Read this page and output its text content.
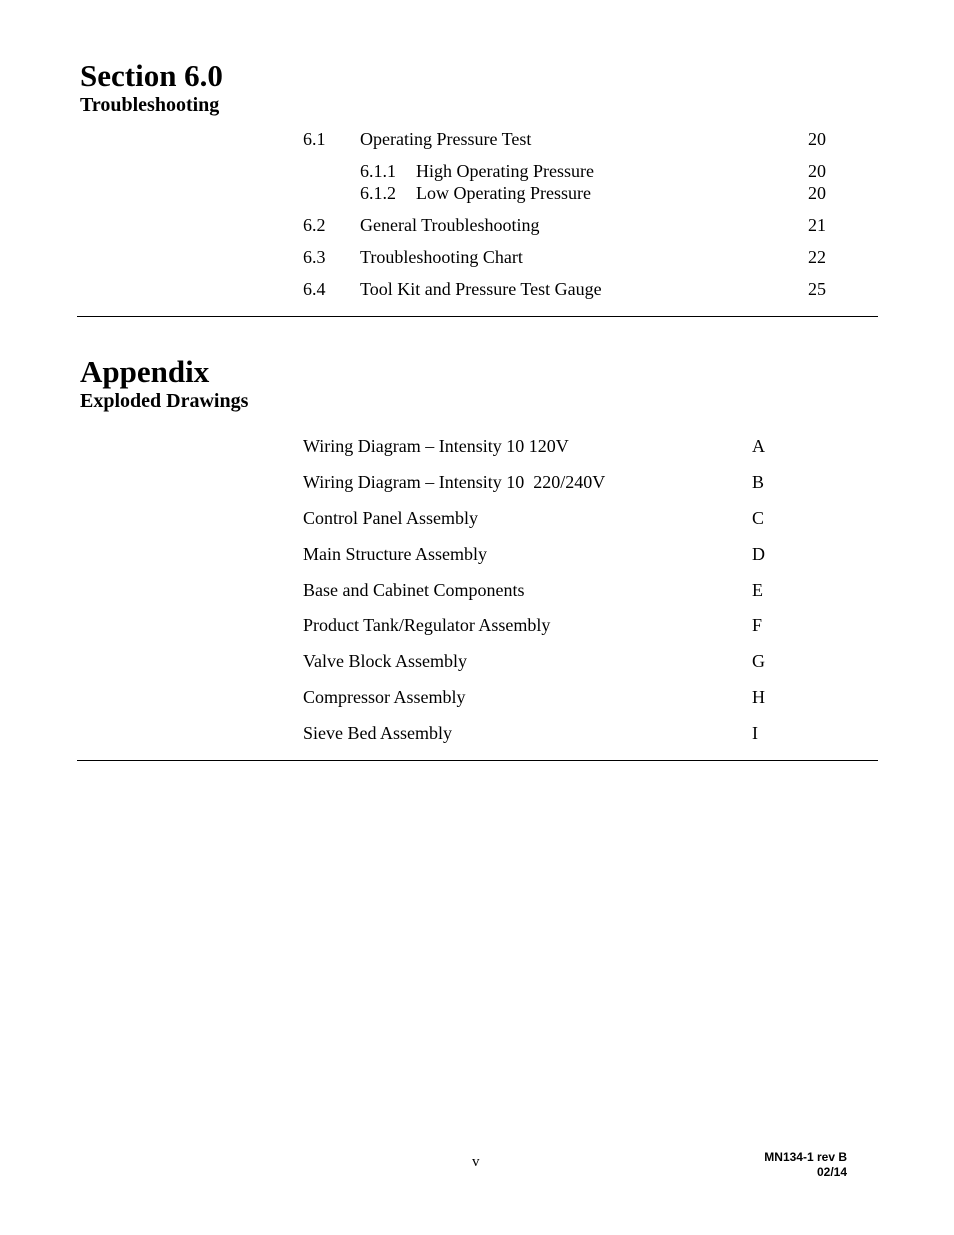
Section 6.0
Troubleshooting
6.1 Operating Pressure Test	20
6.1.1 High Operating Pressure	20
6.1.2 Low Operating Pressure	20
6.2 General Troubleshooting	21
6.3 Troubleshooting Chart	22
6.4 Tool Kit and Pressure Test Gauge	25
Appendix
Exploded Drawings
Wiring Diagram – Intensity 10 120V	A
Wiring Diagram – Intensity 10  220/240V	B
Control Panel Assembly	C
Main Structure Assembly	D
Base and Cabinet Components	E
Product Tank/Regulator Assembly	F
Valve Block Assembly	G
Compressor Assembly	H
Sieve Bed Assembly	I
v	MN134-1 rev B
02/14
